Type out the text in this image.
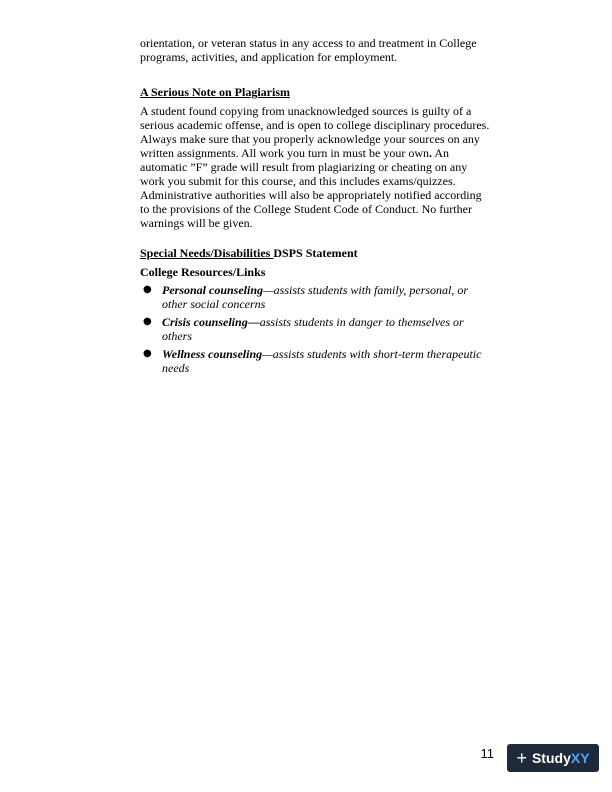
orientation, or veteran status in any access to and treatment in College programs, activities, and application for employment.

A Serious Note on Plagiarism

A student found copying from unacknowledged sources is guilty of a serious academic offense, and is open to college disciplinary procedures. Always make sure that you properly acknowledge your sources on any written assignments. All work you turn in must be your own. An automatic ”F” grade will result from plagiarizing or cheating on any work you submit for this course, and this includes exams/quizzes. Administrative authorities will also be appropriately notified according to the provisions of the College Student Code of Conduct. No further warnings will be given.

Special Needs/Disabilities DSPS Statement

College Resources/Links

● Personal counseling—assists students with family, personal, or other social concerns
● Crisis counseling—assists students in danger to themselves or others
● Wellness counseling—assists students with short-term therapeutic needs
11 + Study XY
